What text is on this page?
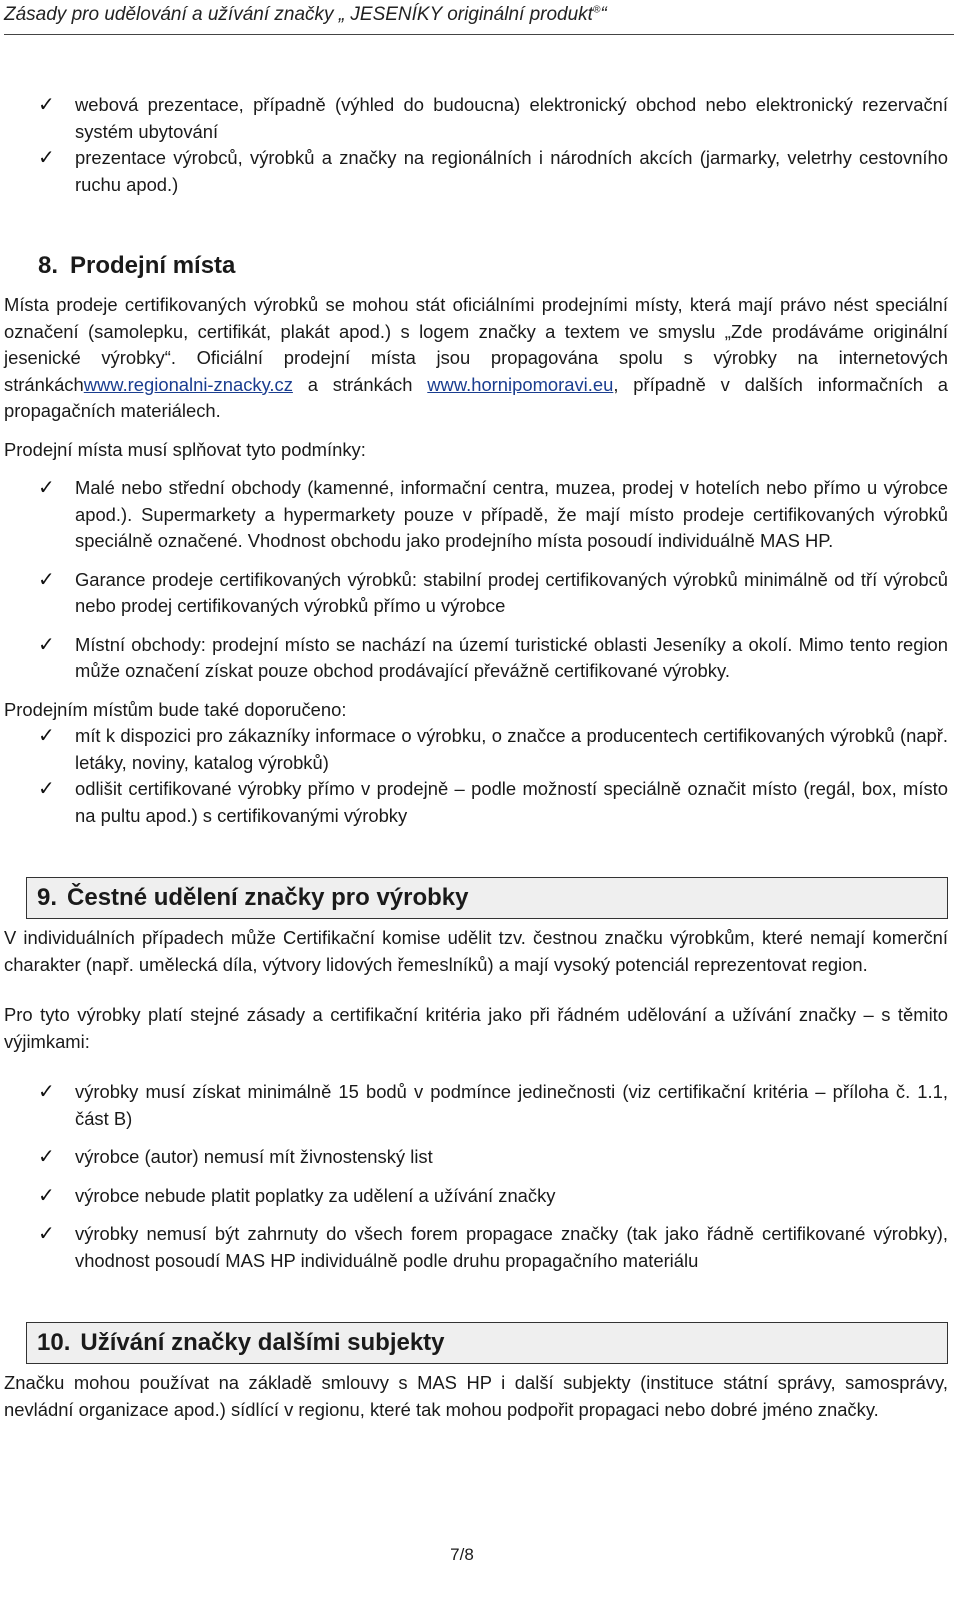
Zásady pro udělování a užívání značky „ JESENÍKY originální produkt®“
✓ webová prezentace, případně (výhled do budoucna) elektronický obchod nebo elektronický rezervační systém ubytování
✓ prezentace výrobců, výrobků a značky na regionálních i národních akcích (jarmarky, veletrhy cestovního ruchu apod.)
8. Prodejní místa

Místa prodeje certifikovaných výrobků se mohou stát oficiálními prodejními místy, která mají právo nést speciální označení (samolepku, certifikát, plakát apod.) s logem značky a textem ve smyslu „Zde prodáváme originální jesenické výrobky“. Oficiální prodejní místa jsou propagována spolu s výrobky na internetových stránkáchwww.regionalni-znacky.cz a stránkách www.hornipomoravi.eu, případně v dalších informačních a propagačních materiálech.

Prodejní místa musí splňovat tyto podmínky:

✓ Malé nebo střední obchody (kamenné, informační centra, muzea, prodej v hotelích nebo přímo u výrobce apod.). Supermarkety a hypermarkety pouze v případě, že mají místo prodeje certifikovaných výrobků speciálně označené. Vhodnost obchodu jako prodejního místa posoudí individuálně MAS HP.
✓ Garance prodeje certifikovaných výrobků: stabilní prodej certifikovaných výrobků minimálně od tří výrobců nebo prodej certifikovaných výrobků přímo u výrobce
✓ Místní obchody: prodejní místo se nachází na území turistické oblasti Jeseníky a okolí. Mimo tento region může označení získat pouze obchod prodávající převážně certifikované výrobky.

Prodejním místům bude také doporučeno:

✓ mít k dispozici pro zákazníky informace o výrobku, o značce a producentech certifikovaných výrobků (např. letáky, noviny, katalog výrobků)
✓ odlišit certifikované výrobky přímo v prodejně – podle možností speciálně označit místo (regál, box, místo na pultu apod.) s certifikovanými výrobky
9. Čestné udělení značky pro výrobky

V individuálních případech může Certifikační komise udělit tzv. čestnou značku výrobkům, které nemají komerční charakter (např. umělecká díla, výtvory lidových řemeslníků) a mají vysoký potenciál reprezentovat region.

Pro tyto výrobky platí stejné zásady a certifikační kritéria jako při řádném udělování a užívání značky – s těmito výjimkami:

✓ výrobky musí získat minimálně 15 bodů v podmínce jedinečnosti (viz certifikační kritéria – příloha č. 1.1, část B)
✓ výrobce (autor) nemusí mít živnostenský list
✓ výrobce nebude platit poplatky za udělení a užívání značky
✓ výrobky nemusí být zahrnuty do všech forem propagace značky (tak jako řádně certifikované výrobky), vhodnost posoudí MAS HP individuálně podle druhu propagačního materiálu
10. Užívání značky dalšími subjekty

Značku mohou používat na základě smlouvy s MAS HP i další subjekty (instituce státní správy, samosprávy, nevládní organizace apod.) sídlící v regionu, které tak mohou podpořit propagaci nebo dobré jméno značky.

7/8
